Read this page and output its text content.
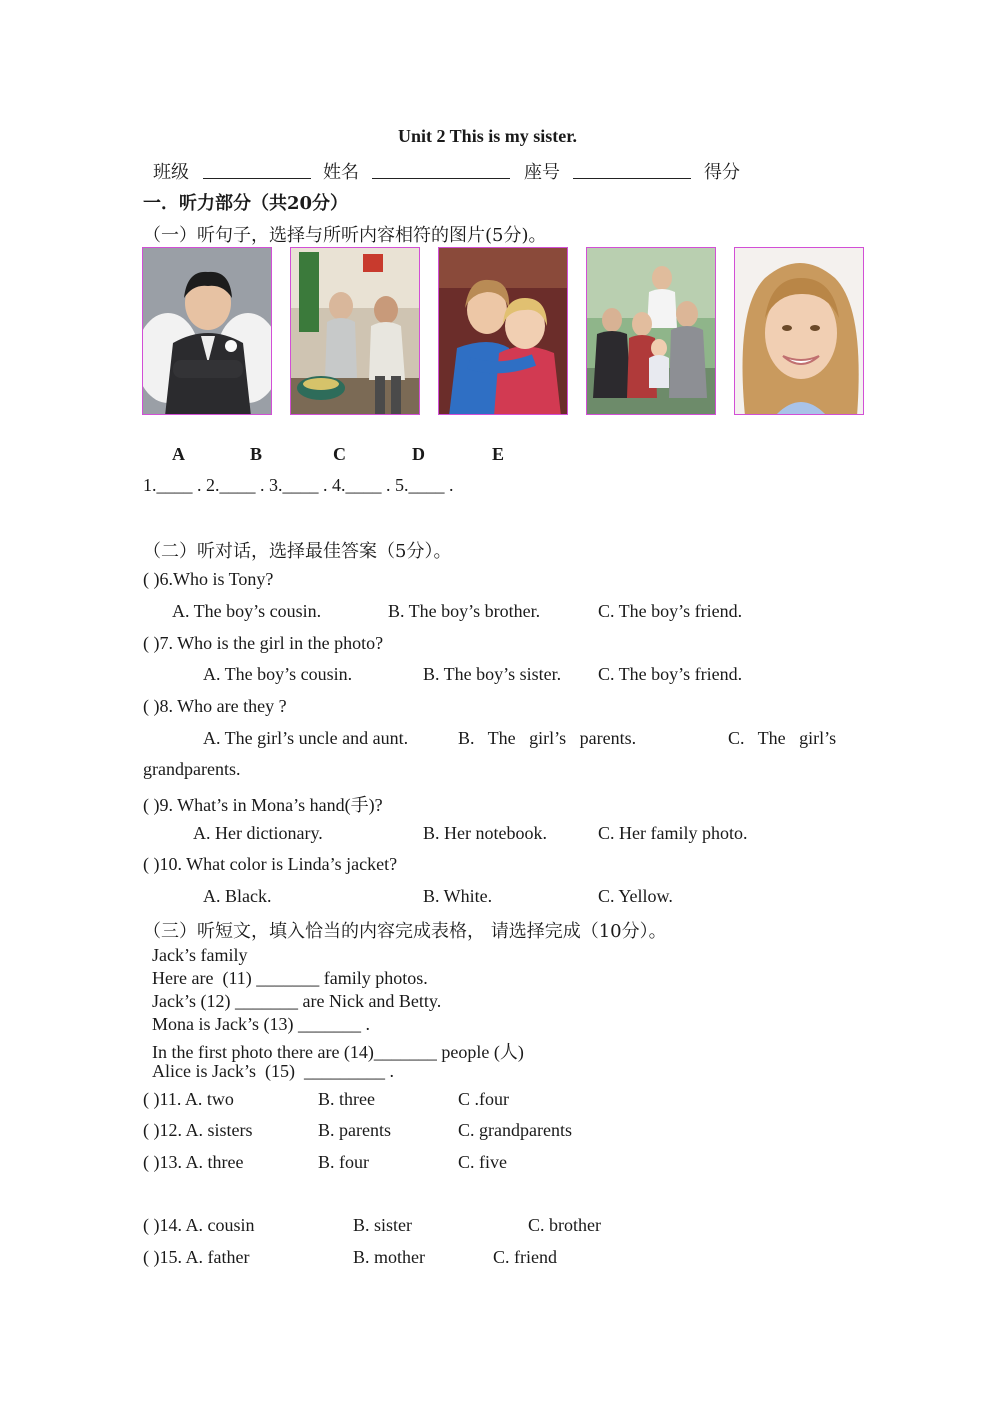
Unit 2 This is my sister.
班级	姓名	座号	得分
一．听力部分（共20分）
（一）听句子，选择与所听内容相符的图片(5分)。
A	B	C	D	E
1.____ . 2.____ . 3.____ . 4.____ . 5.____ .
（二）听对话，选择最佳答案（5分）。
( )6.Who is Tony?
A. The boy’s cousin.	B. The boy’s brother.	C. The boy’s friend.
( )7. Who is the girl in the photo?
A. The boy’s cousin.	B. The boy’s sister. C. The boy’s friend.
( )8. Who are they ?
A. The girl’s uncle and aunt.	B.   The   girl’s   parents.	C.   The   girl’s
grandparents.
( )9. What’s in Mona’s hand(手)?
A. Her dictionary.	B. Her notebook.	C. Her family photo.
( )10. What color is Linda’s jacket?
A. Black.	B. White.	C. Yellow.
（三）听短文，填入恰当的内容完成表格， 请选择完成（10分）。
Jack’s family
Here are  (11) _______ family photos.
Jack’s (12) _______ are Nick and Betty.
Mona is Jack’s (13) _______ .
In the first photo there are (14)_______ people (人)
Alice is Jack’s  (15)  _________ .
( )11. A. two	B. three	C .four
( )12. A. sisters	B. parents	C. grandparents
( )13. A. three	B. four	C. five
( )14. A. cousin	B. sister	C. brother
( )15. A. father	B. mother	C. friend
